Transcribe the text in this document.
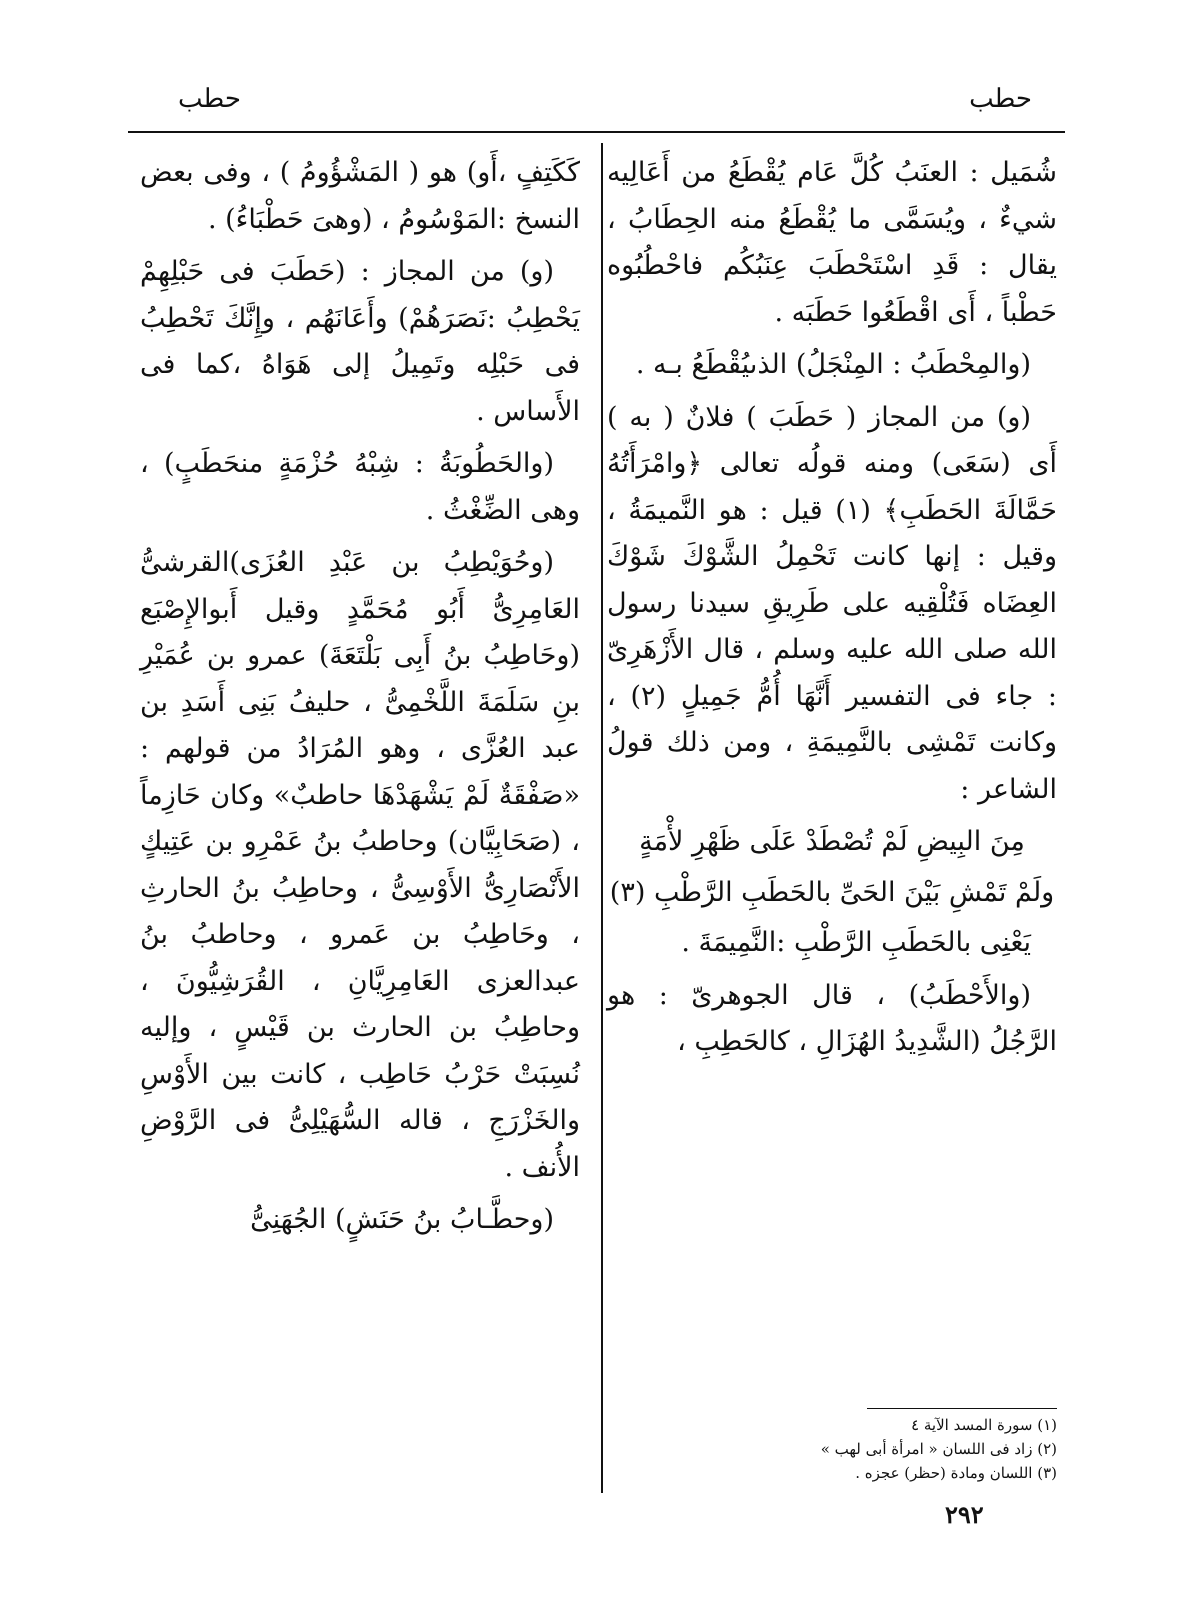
حطب
حطب

شُمَيل : العنَبُ كُلَّ عَام يُقْطَعُ من أَعَالِيه شيءٌ ، ويُسَمَّى ما يُقْطَعُ منه الحِطَابُ ، يقال : قَدِ اسْتَحْطَبَ عِنَبُكُم فاحْطُبُوه حَطْباً ، أَى اقْطَعُوا حَطَبَه .

(والمِحْطَبُ : المِنْجَلُ) الذىيُقْطَعُ بـه .

(و) من المجاز ( حَطَبَ ) فلانٌ ( به ) أَى (سَعَى) ومنه قولُه تعالى ﴿وامْرَأَتُهُ حَمَّالَةَ الحَطَبِ﴾ (١) قيل : هو النَّميمَةُ ، وقيل : إنها كانت تَحْمِلُ الشَّوْكَ شَوْكَ العِضَاه فَتُلْقِيه على طَرِيقِ سيدنا رسول الله صلى الله عليه وسلم ، قال الأَزْهَرِىّ : جاء فى التفسير أَنَّهَا أُمُّ جَمِيلٍ (٢) ، وكانت تَمْشِى بالنَّمِيمَةِ ، ومن ذلك قولُ الشاعر :

مِنَ البِيضِ لَمْ تُصْطَدْ عَلَى ظَهْرِ لأْمَةٍ
ولَمْ تَمْشِ بَيْنَ الحَىِّ بالحَطَبِ الرَّطْبِ (٣)

يَعْنِى بالحَطَبِ الرَّطْبِ :النَّمِيمَةَ .

(والأَحْطَبُ) ، قال الجوهرىّ : هو الرَّجُلُ (الشَّدِيدُ الهُزَالِ ، كالحَطِبِ ،

كَكَتِفٍ ،أَو) هو ( المَشْؤُومُ ) ، وفى بعض النسخ :المَوْسُومُ ، (وهىَ حَطْبَاءُ) .

(و) من المجاز : (حَطَبَ فى حَبْلِهِمْ يَحْطِبُ :نَصَرَهُمْ) وأَعَانَهُم ، وإِنَّكَ تَحْطِبُ فى حَبْلِه وتَمِيلُ إلى هَوَاهُ ،كما فى الأَساس .

(والحَطُوبَةُ : شِبْهُ حُزْمَةٍ منحَطَبٍ) ، وهى الضِّغْثُ .

(وحُوَيْطِبُ بن عَبْدِ العُزَى)القرشىُّ العَامِرِىُّ أَبُو مُحَمَّدٍ وقيل أَبوالإِصْبَع (وحَاطِبُ بنُ أَبِى بَلْتَعَةَ) عمرو بن عُمَيْرِ بنِ سَلَمَةَ اللَّخْمِىُّ ، حليفُ بَنِى أَسَدِ بن عبد العُزَّى ، وهو المُرَادُ من قولهم : «صَفْقَةٌ لَمْ يَشْهَدْهَا حاطبٌ» وكان حَازِماً ، (صَحَابِيَّان) وحاطبُ بنُ عَمْرِو بن عَتِيكٍ الأَنْصَارِىُّ الأَوْسِىُّ ، وحاطِبُ بنُ الحارثِ ، وحَاطِبُ بن عَمرو ، وحاطبُ بنُ عبدالعزى العَامِرِيَّانِ ، القُرَشِيُّونَ ، وحاطِبُ بن الحارث بن قَيْسٍ ، وإليه نُسِبَتْ حَرْبُ حَاطِب ، كانت بين الأَوْسِ والخَزْرَجِ ، قاله السُّهَيْلِىُّ فى الرَّوْضِ الأُنف .

(وحطَّـابُ بنُ حَنَشٍ) الجُهَنِىُّ

(١) سورة المسد الآية ٤

(٢) زاد فى اللسان « امرأة أبى لهب »

(٣) اللسان ومادة (حظر) عجزه .

٢٩٢
